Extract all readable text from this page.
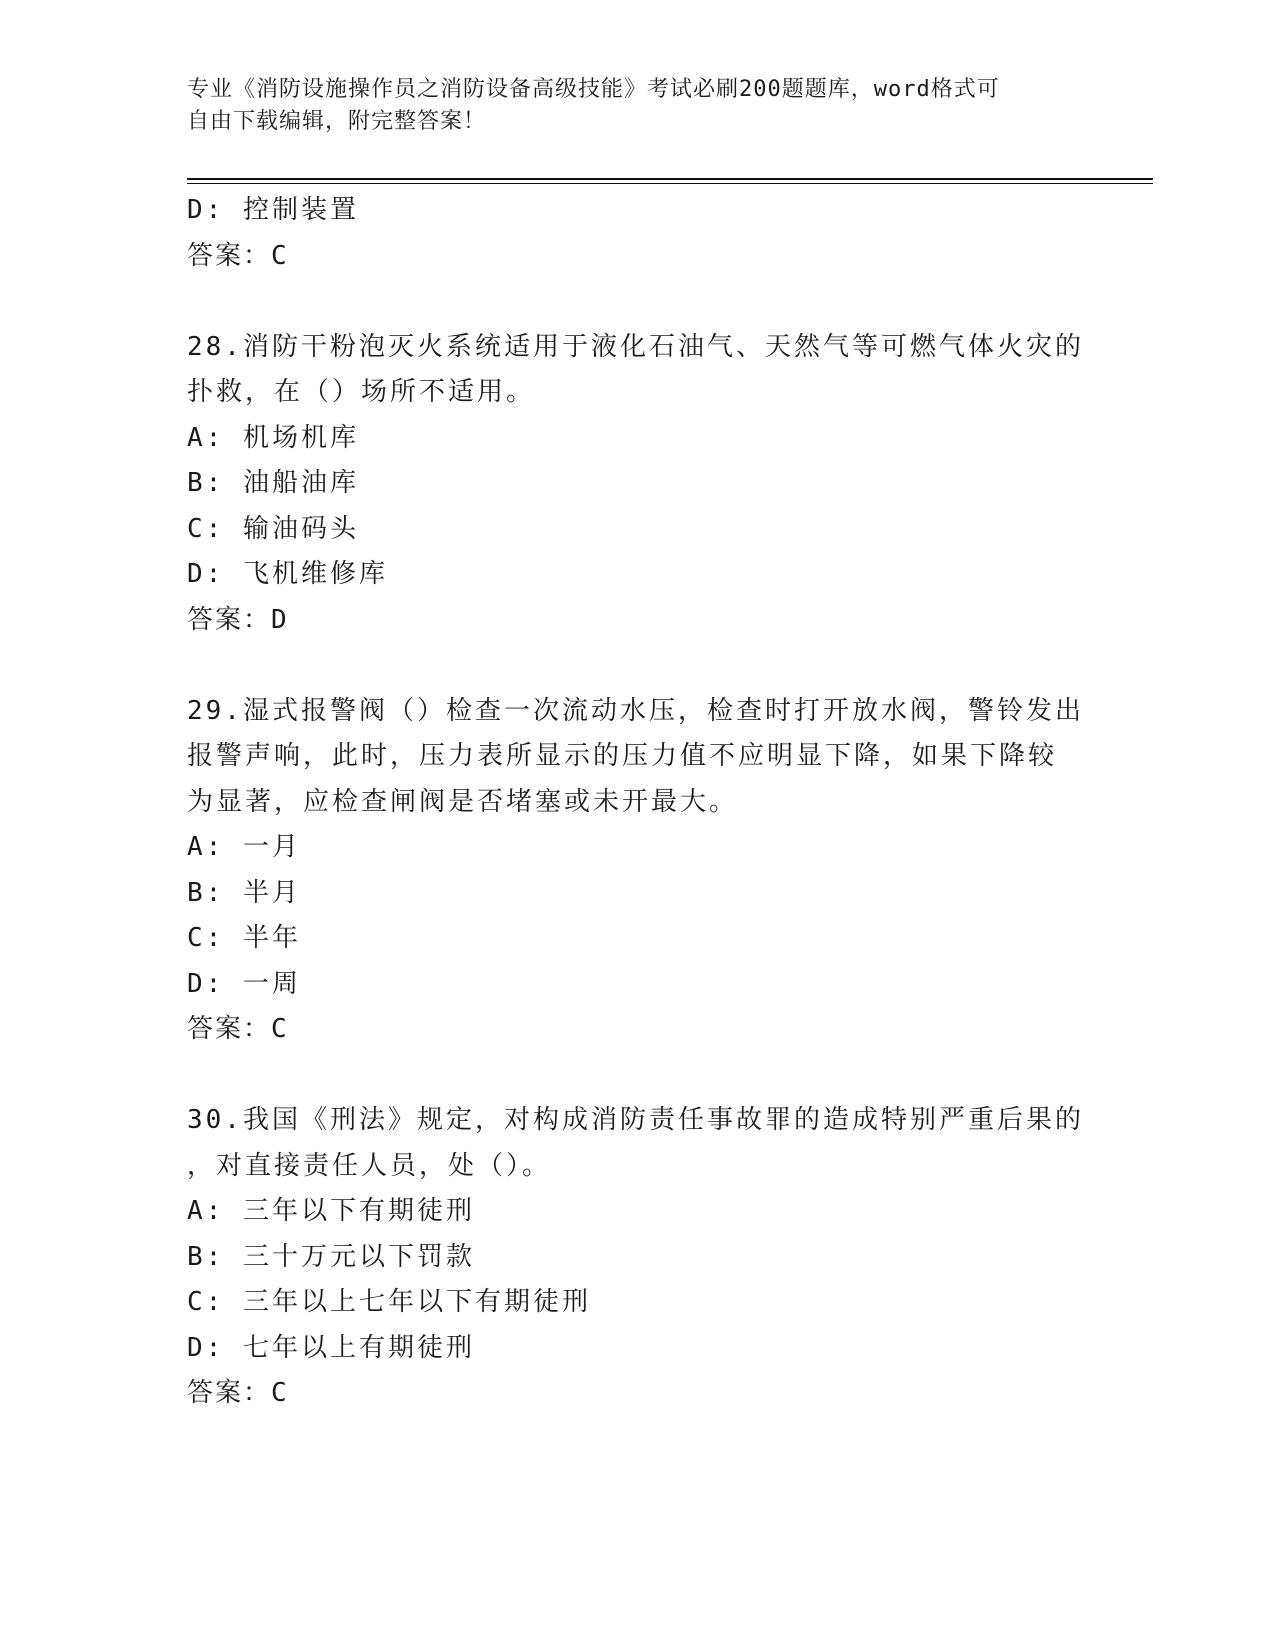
专业《消防设施操作员之消防设备高级技能》考试必刷200题题库，word格式可
自由下载编辑，附完整答案！
D: 控制装置
答案：C
28.消防干粉泡灭火系统适用于液化石油气、天然气等可燃气体火灾的
扑救，在（）场所不适用。
A: 机场机库
B: 油船油库
C: 输油码头
D: 飞机维修库
答案：D
29.湿式报警阀（）检查一次流动水压，检查时打开放水阀，警铃发出
报警声响，此时，压力表所显示的压力值不应明显下降，如果下降较
为显著，应检查闸阀是否堵塞或未开最大。
A: 一月
B: 半月
C: 半年
D: 一周
答案：C
30.我国《刑法》规定，对构成消防责任事故罪的造成特别严重后果的
，对直接责任人员，处（）。
A: 三年以下有期徒刑
B: 三十万元以下罚款
C: 三年以上七年以下有期徒刑
D: 七年以上有期徒刑
答案：C
